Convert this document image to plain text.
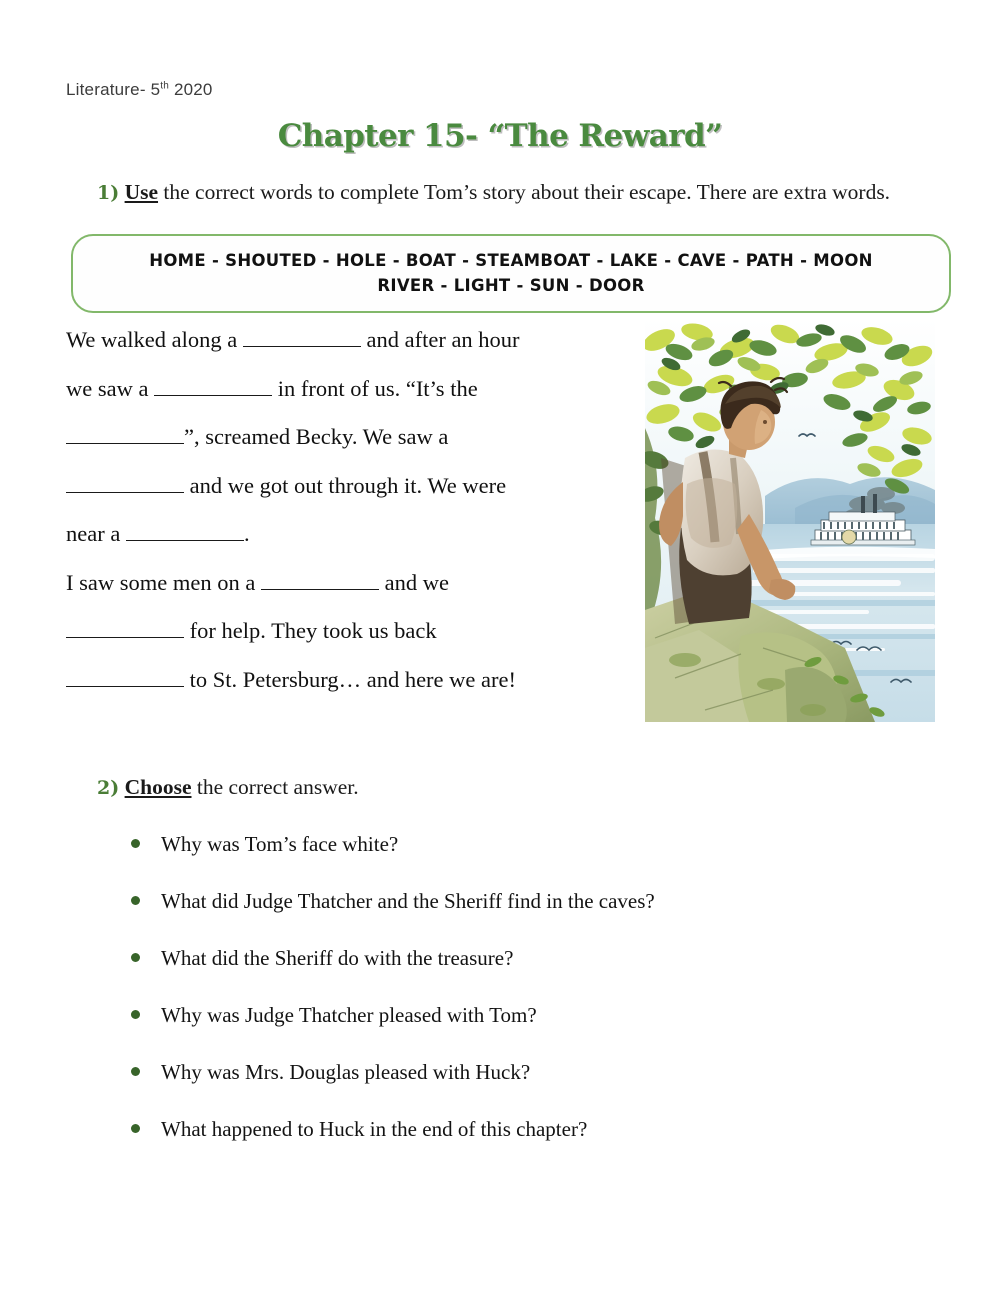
Literature- 5th 2020
Chapter 15- “The Reward”
1) Use the correct words to complete Tom’s story about their escape. There are extra words.
HOME - SHOUTED - HOLE - BOAT - STEAMBOAT - LAKE - CAVE - PATH - MOON
RIVER - LIGHT - SUN - DOOR
We walked along a	and after an hour
we saw a	in front of us. “It’s the
”, screamed Becky. We saw a
and we got out through it. We were
near a	.
I saw some men on a	and we
for help. They took us back
to St. Petersburg… and here we are!
2) Choose the correct answer.
Why was Tom’s face white?
What did Judge Thatcher and the Sheriff find in the caves?
What did the Sheriff do with the treasure?
Why was Judge Thatcher pleased with Tom?
Why was Mrs. Douglas pleased with Huck?
What happened to Huck in the end of this chapter?
